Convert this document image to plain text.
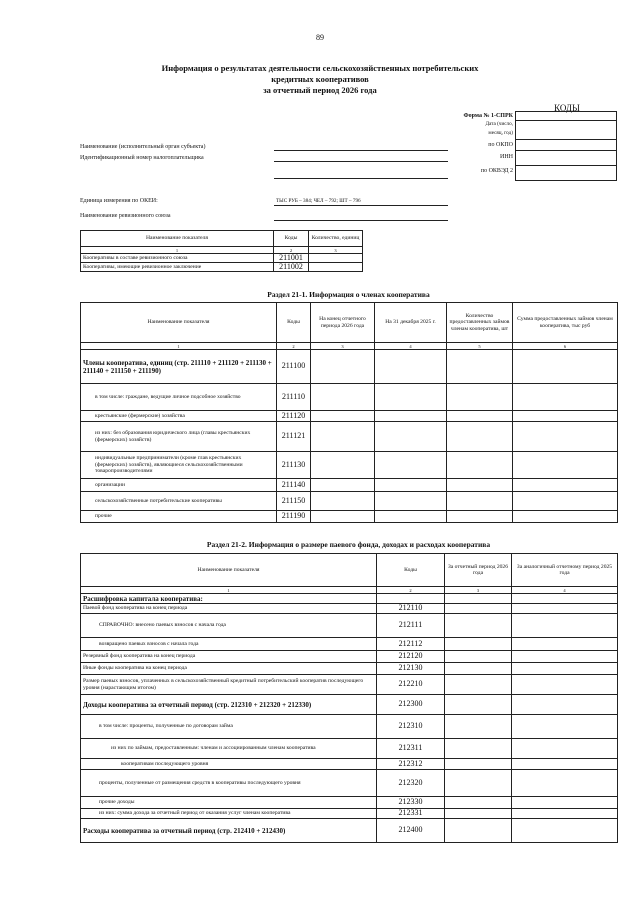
89
Информация о результатах деятельности сельскохозяйственных потребительских
кредитных кооперативов
за отчетный период 2026 года
КОДЫ
Форма № 1-СПРК
Дата (число,
месяц, год)
по ОКПО
ИНН
по ОКВЭД 2

Наименование (исполнительный орган субъекта)
Идентификационный номер налогоплательщика
Единица измерения по ОКЕИ:	ТЫС РУБ – 384; ЧЕЛ – 792; ШТ – 796
Наименование ревизионного союза
Наименование показателя	Коды	Количество, единиц
1	2	3
Кооперативы в составе ревизионного союза	211001	
Кооперативы, имеющие ревизионное заключение	211002	
Раздел 21-1. Информация о членах кооператива
Наименование показателя	Коды	На конец отчетного периода 2026 года	На 31 декабря 2025 г.	Количество предоставленных займов членам кооператива, шт	Сумма предоставленных займов членам кооператива, тыс руб
1	2	3	4	5	6
Члены кооператива, единиц (стр. 211110 + 211120 + 211130 + 211140 + 211150 + 211190)	211100				
в том числе: граждане, ведущие личное подсобное хозяйство	211110				
крестьянские (фермерские) хозяйства	211120				
из них: без образования юридического лица (главы крестьянских (фермерских) хозяйств)	211121				
индивидуальные предприниматели (кроме глав крестьянских (фермерских) хозяйств), являющиеся сельскохозяйственными товаропроизводителями	211130				
организации	211140				
сельскохозяйственные потребительские кооперативы	211150				
прочие	211190				
Раздел 21-2. Информация о размере паевого фонда, доходах и расходах кооператива
Наименование показателя	Коды	За отчетный период 2026 года	За аналогичный отчетному период 2025 года
1	2	3	4
Расшифровка капитала кооператива:			
Паевой фонд кооператива на конец периода	212110		
СПРАВОЧНО: внесено паевых взносов с начала года	212111		
возвращено паевых взносов с начала года	212112		
Резервный фонд кооператива на конец периода	212120		
Иные фонды кооператива на конец периода	212130		
Размер паевых взносов, уплаченных в сельскохозяйственный кредитный потребительский кооператив последующего уровня (нарастающим итогом)	212210		
Доходы кооператива за отчетный период (стр. 212310 + 212320 + 212330)	212300		
в том числе: проценты, полученные по договорам займа	212310		
из них по займам, предоставленным: членам и ассоциированным членам кооператива	212311		
кооперативам последующего уровня	212312		
проценты, полученные от размещения средств в кооперативы последующего уровня	212320		
прочие доходы	212330		
из них: сумма дохода за отчетный период от оказания услуг членам кооператива	212331		
Расходы кооператива за отчетный период (стр. 212410 + 212430)	212400		
